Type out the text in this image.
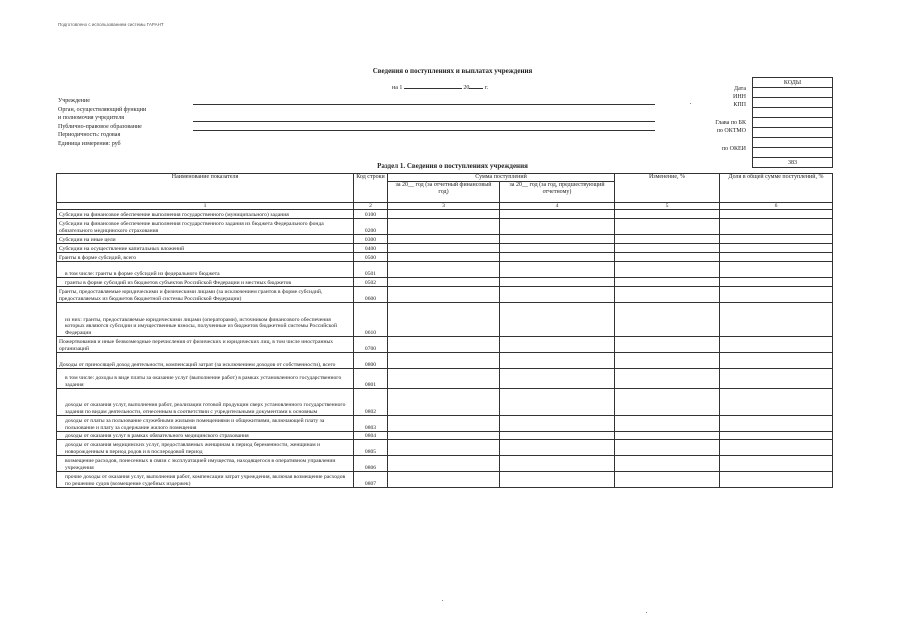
Подготовлено с использованием системы ГАРАНТ
Сведения о поступлениях и выплатах учреждения
на 1	20	г.
Учреждение
Орган, осуществляющий функции
и полномочия учредителя
Публично-правовое образование
Периодичность: годовая
Единица измерения: руб
Дата
ИНН
КПП
Глава по БК
по ОКТМО
по ОКЕИ
КОДЫ

383
Раздел 1. Сведения о поступлениях учреждения
Наименование показателя	Код строки	Сумма поступлений		Изменение, %	Доля в общей сумме поступлений, %
		за 20__ год (за отчетный финансовый год)	за 20__ год (за год, предшествующий отчетному)		
1	2	3	4	5	6
Субсидии на финансовое обеспечение выполнения государственного (муниципального) задания	0100				
Субсидии на финансовое обеспечение выполнения государственного задания из бюджета Федерального фонда обязательного медицинского страхования	0200				
Субсидии на иные цели	0300				
Субсидии на осуществление капитальных вложений	0400				
Гранты в форме субсидий, всего	0500				
в том числе: гранты в форме субсидий из федерального бюджета	0501				
гранты в форме субсидий из бюджетов субъектов Российской Федерации и местных бюджетов	0502				
Гранты, предоставляемые юридическими и физическими лицами (за исключением грантов в форме субсидий, предоставляемых из бюджетов бюджетной системы Российской Федерации)	0600				
из них: гранты, предоставляемые юридическими лицами (операторами), источником финансового обеспечения которых являются субсидии и имущественные взносы, полученные из бюджетов бюджетной системы Российской Федерации	0610				
Пожертвования и иные безвозмездные перечисления от физических и юридических лиц, в том числе иностранных организаций	0700				
Доходы от приносящей доход деятельности, компенсаций затрат (за исключением доходов от собственности), всего	0800				
в том числе: доходы в виде платы за оказание услуг (выполнение работ) в рамках установленного государственного задания	0801				
доходы от оказания услуг, выполнения работ, реализации готовой продукции сверх установленного государственного задания по видам деятельности, отнесенным в соответствии с учредительными документами к основным	0802				
доходы от платы за пользование служебными жилыми помещениями и общежитиями, включающей плату за пользование и плату за содержание жилого помещения	0803				
доходы от оказания услуг в рамках обязательного медицинского страхования	0804				
доходы от оказания медицинских услуг, предоставляемых женщинам в период беременности, женщинам и новорожденным в период родов и в послеродовой период	0805				
возмещение расходов, понесенных в связи с эксплуатацией имущества, находящегося в оперативном управлении учреждения	0806				
прочие доходы от оказания услуг, выполнения работ, компенсации затрат учреждения, включая возмещение расходов по решению судов (возмещение судебных издержек)	0807				
